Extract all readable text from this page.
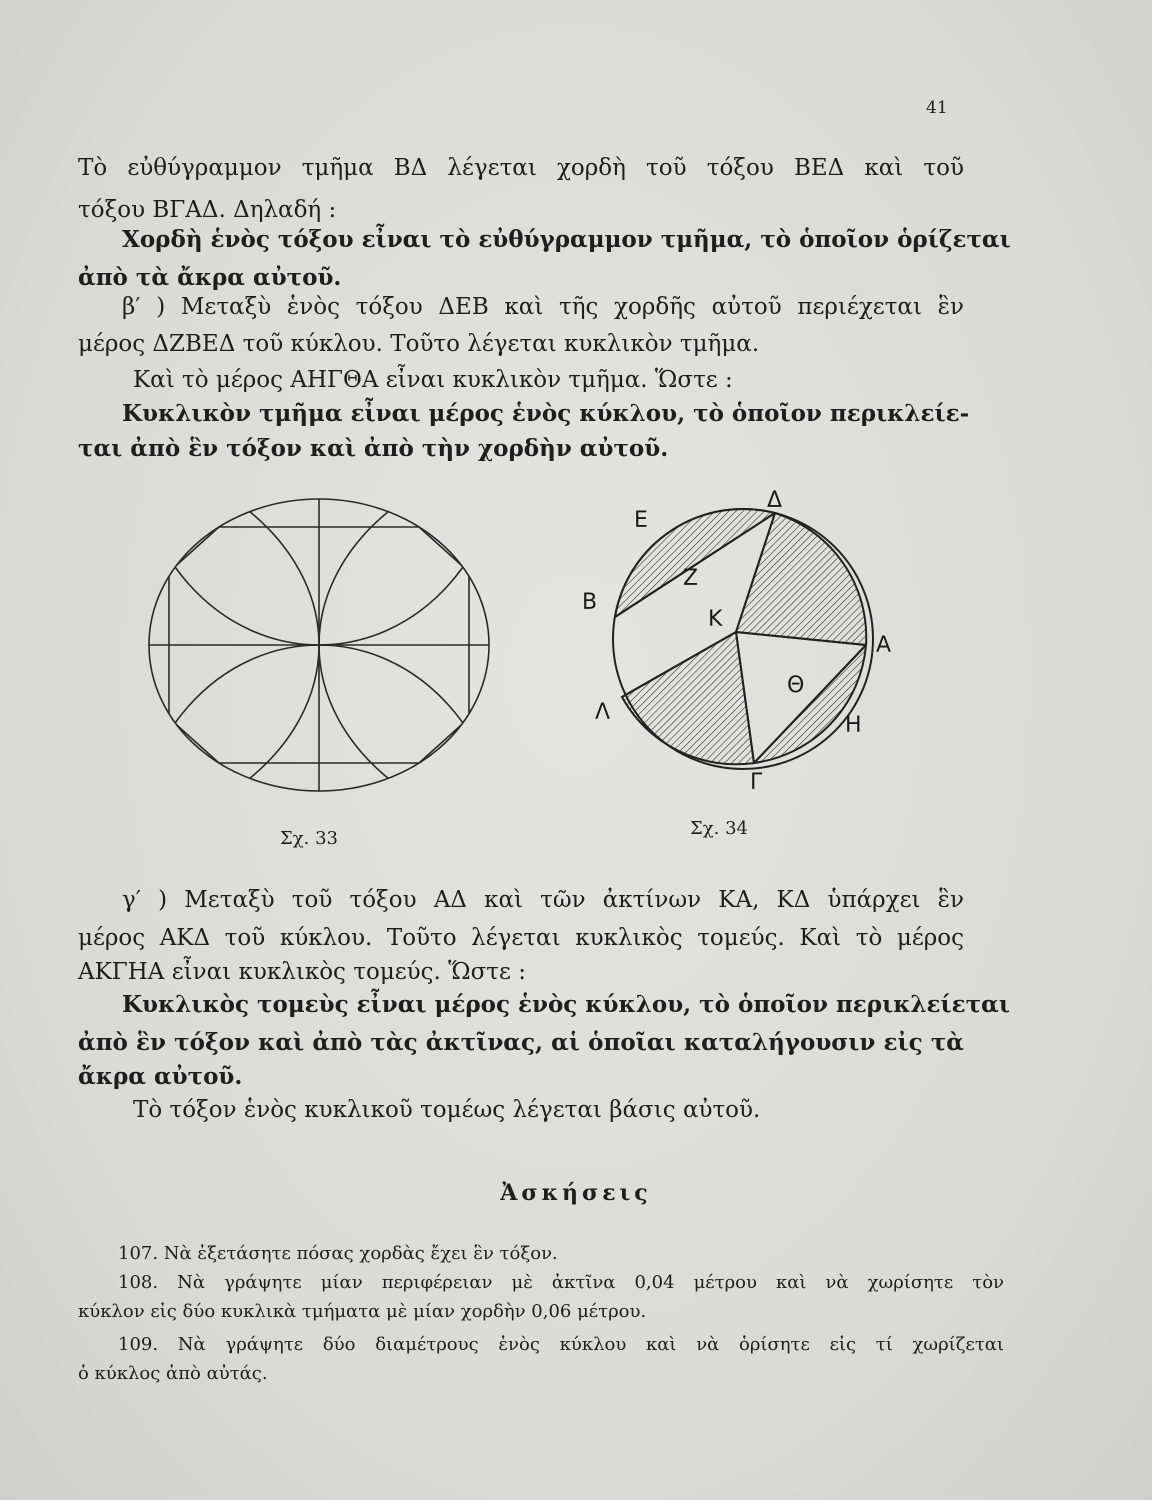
41
Τὸ εὐθύγραμμον τμῆμα ΒΔ λέγεται χορδὴ τοῦ τόξου ΒΕΔ καὶ τοῦ
τόξου ΒΓΑΔ. Δηλαδή :
Χορδὴ ἑνὸς τόξου εἶναι τὸ εὐθύγραμμον τμῆμα, τὸ ὁποῖον ὁρίζεται
ἀπὸ τὰ ἄκρα αὐτοῦ.
β′ ) Μεταξὺ ἑνὸς τόξου ΔΕΒ καὶ τῆς χορδῆς αὐτοῦ περιέχεται ἓν
μέρος ΔΖΒΕΔ τοῦ κύκλου. Τοῦτο λέγεται κυκλικὸν τμῆμα.
Καὶ τὸ μέρος ΑΗΓΘΑ εἶναι κυκλικὸν τμῆμα. Ὥστε :
Κυκλικὸν τμῆμα εἶναι μέρος ἑνὸς κύκλου, τὸ ὁποῖον περικλείε-
ται ἀπὸ ἓν τόξον καὶ ἀπὸ τὴν χορδὴν αὐτοῦ.
Σχ. 33
Δ
Ε
Ζ
Β
Κ
Α
Θ
Λ
Η
Γ
Σχ. 34
γ′ ) Μεταξὺ τοῦ τόξου ΑΔ καὶ τῶν ἀκτίνων ΚΑ, ΚΔ ὑπάρχει ἓν
μέρος ΑΚΔ τοῦ κύκλου. Τοῦτο λέγεται κυκλικὸς τομεύς. Καὶ τὸ μέρος
ΑΚΓΗΑ εἶναι κυκλικὸς τομεύς. Ὥστε :
Κυκλικὸς τομεὺς εἶναι μέρος ἑνὸς κύκλου, τὸ ὁποῖον περικλείεται
ἀπὸ ἓν τόξον καὶ ἀπὸ τὰς ἀκτῖνας, αἱ ὁποῖαι καταλήγουσιν εἰς τὰ
ἄκρα αὐτοῦ.
Τὸ τόξον ἑνὸς κυκλικοῦ τομέως λέγεται βάσις αὐτοῦ.
Ἀσκήσεις
107. Νὰ ἐξετάσητε πόσας χορδὰς ἔχει ἓν τόξον.
108. Νὰ γράψητε μίαν περιφέρειαν μὲ ἀκτῖνα 0,04 μέτρου καὶ νὰ χωρίσητε τὸν
κύκλον εἰς δύο κυκλικὰ τμήματα μὲ μίαν χορδὴν 0,06 μέτρου.
109. Νὰ γράψητε δύο διαμέτρους ἑνὸς κύκλου καὶ νὰ ὁρίσητε εἰς τί χωρίζεται
ὁ κύκλος ἀπὸ αὐτάς.
